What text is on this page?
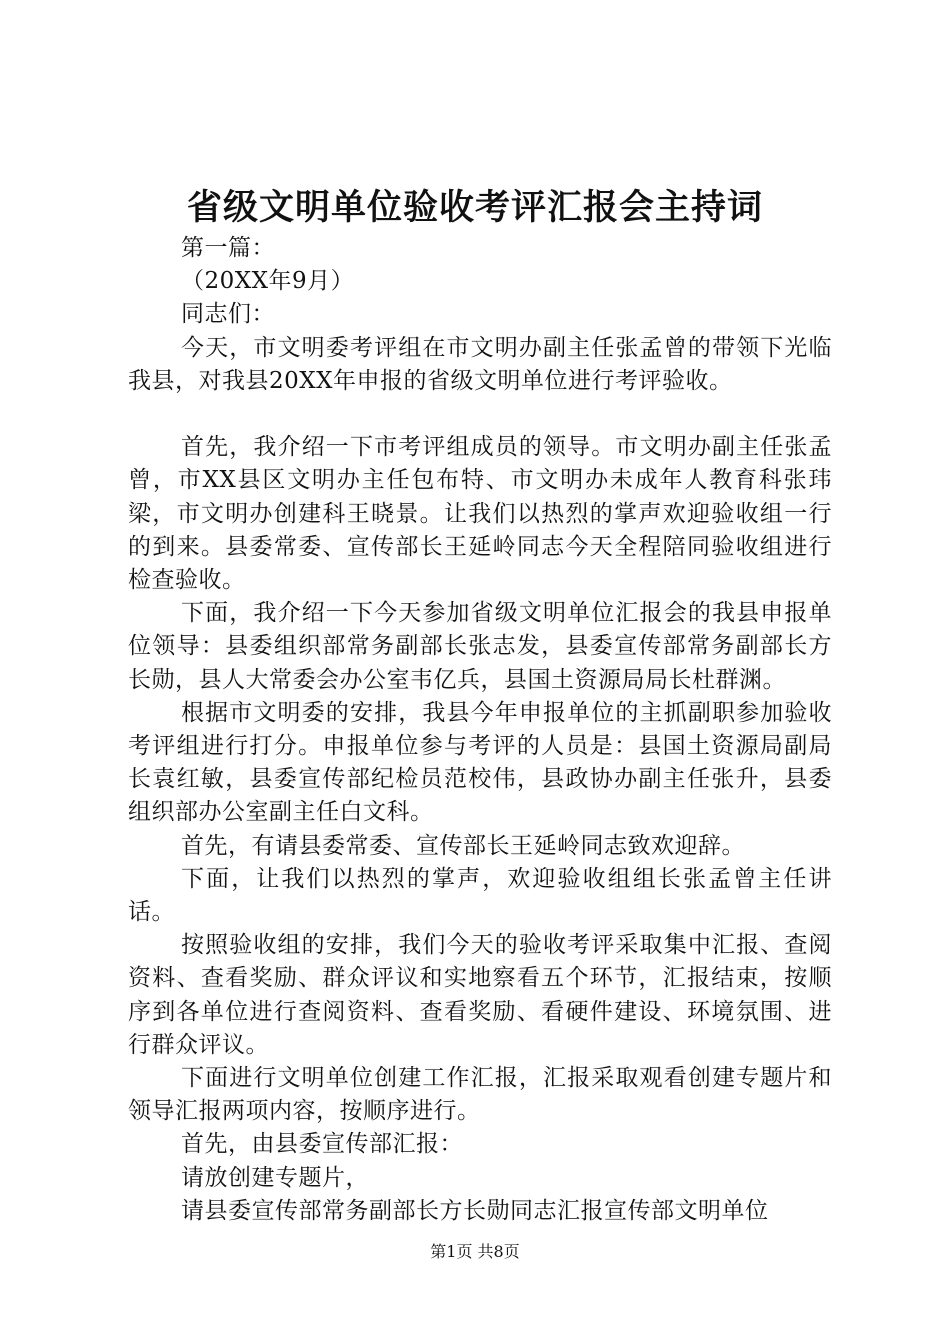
省级文明单位验收考评汇报会主持词

第一篇：

（20XX年9月）

同志们：

今天，市文明委考评组在市文明办副主任张孟曾的带领下光临我县，对我县20XX年申报的省级文明单位进行考评验收。

首先，我介绍一下市考评组成员的领导。市文明办副主任张孟曾，市XX县区文明办主任包布特、市文明办未成年人教育科张玮梁，市文明办创建科王晓景。让我们以热烈的掌声欢迎验收组一行的到来。县委常委、宣传部长王延岭同志今天全程陪同验收组进行检查验收。

下面，我介绍一下今天参加省级文明单位汇报会的我县申报单位领导：县委组织部常务副部长张志发，县委宣传部常务副部长方长勋，县人大常委会办公室韦亿兵，县国土资源局局长杜群渊。

根据市文明委的安排，我县今年申报单位的主抓副职参加验收考评组进行打分。申报单位参与考评的人员是：县国土资源局副局长袁红敏，县委宣传部纪检员范校伟，县政协办副主任张升，县委组织部办公室副主任白文科。

首先，有请县委常委、宣传部长王延岭同志致欢迎辞。

下面，让我们以热烈的掌声，欢迎验收组组长张孟曾主任讲话。

按照验收组的安排，我们今天的验收考评采取集中汇报、查阅资料、查看奖励、群众评议和实地察看五个环节，汇报结束，按顺序到各单位进行查阅资料、查看奖励、看硬件建设、环境氛围、进行群众评议。

下面进行文明单位创建工作汇报，汇报采取观看创建专题片和领导汇报两项内容，按顺序进行。

首先，由县委宣传部汇报：

请放创建专题片，

请县委宣传部常务副部长方长勋同志汇报宣传部文明单位

第1页 共8页
